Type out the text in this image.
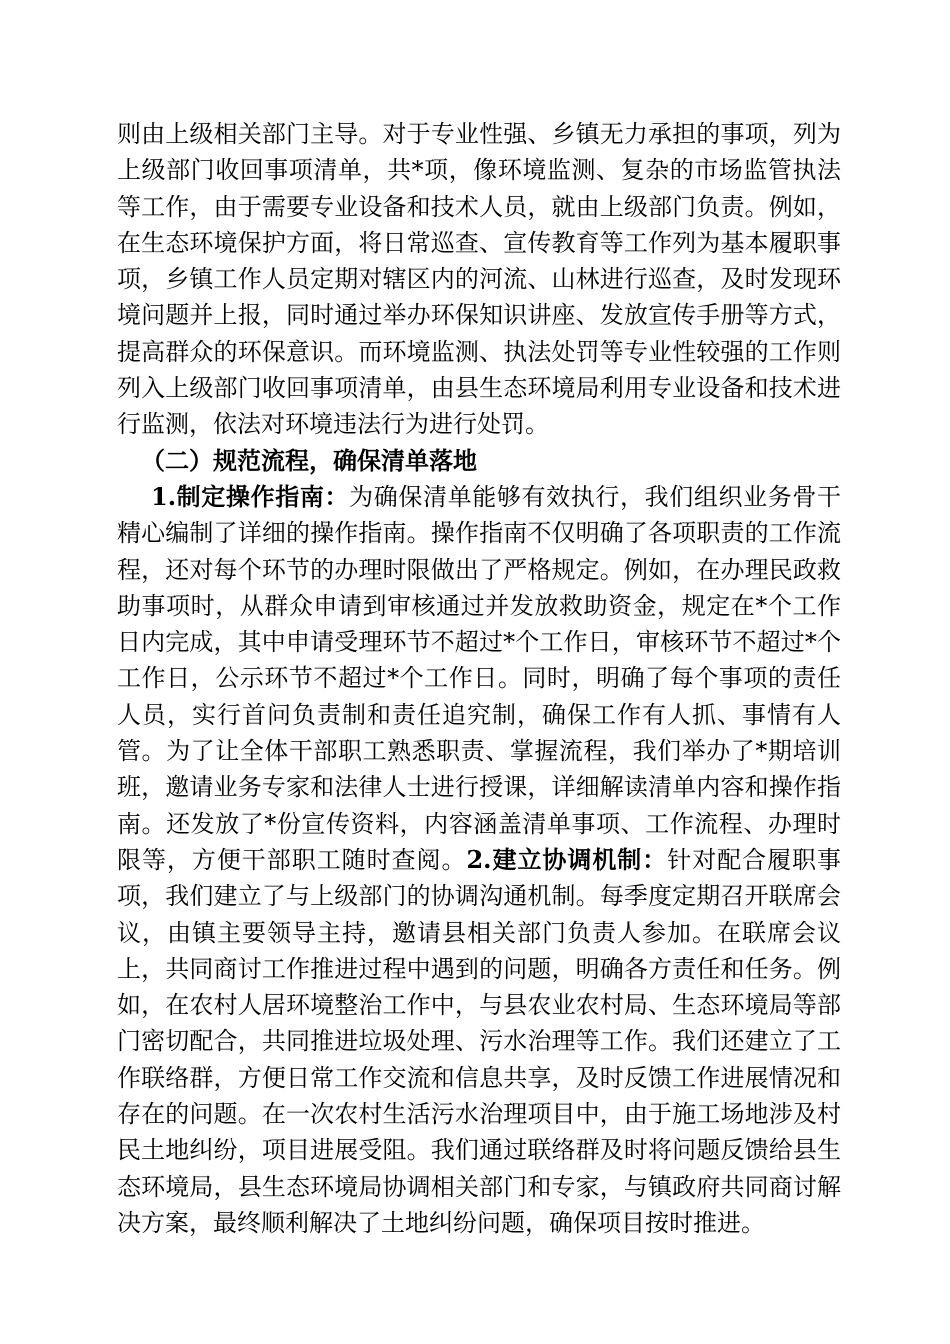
则由上级相关部门主导。对于专业性强、乡镇无力承担的事项，列为上级部门收回事项清单，共*项，像环境监测、复杂的市场监管执法等工作，由于需要专业设备和技术人员，就由上级部门负责。例如，在生态环境保护方面，将日常巡查、宣传教育等工作列为基本履职事项，乡镇工作人员定期对辖区内的河流、山林进行巡查，及时发现环境问题并上报，同时通过举办环保知识讲座、发放宣传手册等方式，提高群众的环保意识。而环境监测、执法处罚等专业性较强的工作则列入上级部门收回事项清单，由县生态环境局利用专业设备和技术进行监测，依法对环境违法行为进行处罚。

（二）规范流程，确保清单落地

1.制定操作指南：为确保清单能够有效执行，我们组织业务骨干精心编制了详细的操作指南。操作指南不仅明确了各项职责的工作流程，还对每个环节的办理时限做出了严格规定。例如，在办理民政救助事项时，从群众申请到审核通过并发放救助资金，规定在*个工作日内完成，其中申请受理环节不超过*个工作日，审核环节不超过*个工作日，公示环节不超过*个工作日。同时，明确了每个事项的责任人员，实行首问负责制和责任追究制，确保工作有人抓、事情有人管。为了让全体干部职工熟悉职责、掌握流程，我们举办了*期培训班，邀请业务专家和法律人士进行授课，详细解读清单内容和操作指南。还发放了*份宣传资料，内容涵盖清单事项、工作流程、办理时限等，方便干部职工随时查阅。2.建立协调机制：针对配合履职事项，我们建立了与上级部门的协调沟通机制。每季度定期召开联席会议，由镇主要领导主持，邀请县相关部门负责人参加。在联席会议上，共同商讨工作推进过程中遇到的问题，明确各方责任和任务。例如，在农村人居环境整治工作中，与县农业农村局、生态环境局等部门密切配合，共同推进垃圾处理、污水治理等工作。我们还建立了工作联络群，方便日常工作交流和信息共享，及时反馈工作进展情况和存在的问题。在一次农村生活污水治理项目中，由于施工场地涉及村民土地纠纷，项目进展受阻。我们通过联络群及时将问题反馈给县生态环境局，县生态环境局协调相关部门和专家，与镇政府共同商讨解决方案，最终顺利解决了土地纠纷问题，确保项目按时推进。
